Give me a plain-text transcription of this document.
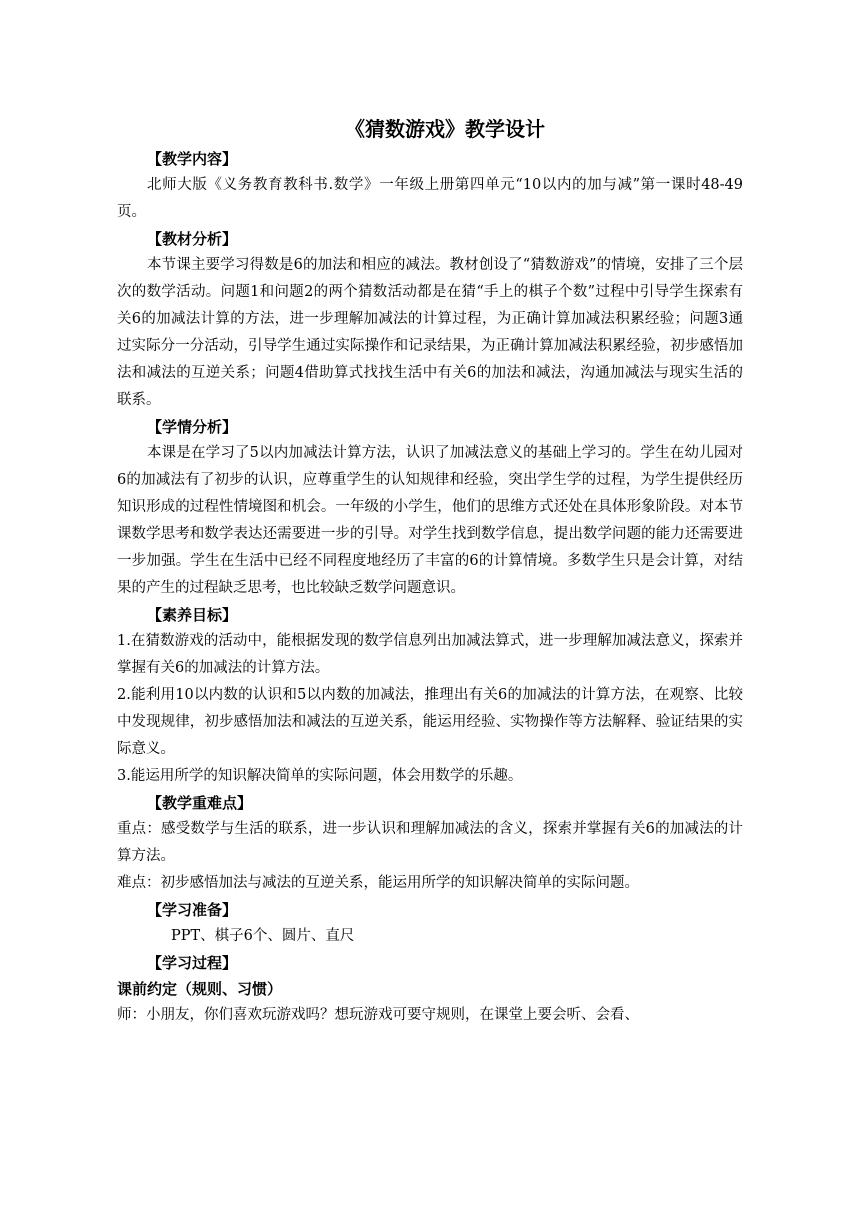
《猜数游戏》教学设计
【教学内容】

北师大版《义务教育教科书.数学》一年级上册第四单元“10以内的加与减”第一课时48-49页。

【教材分析】

本节课主要学习得数是6的加法和相应的减法。教材创设了“猜数游戏”的情境，安排了三个层次的数学活动。问题1和问题2的两个猜数活动都是在猜“手上的棋子个数”过程中引导学生探索有关6的加减法计算的方法，进一步理解加减法的计算过程，为正确计算加减法积累经验；问题3通过实际分一分活动，引导学生通过实际操作和记录结果，为正确计算加减法积累经验，初步感悟加法和减法的互逆关系；问题4借助算式找找生活中有关6的加法和减法，沟通加减法与现实生活的联系。

【学情分析】

本课是在学习了5以内加减法计算方法，认识了加减法意义的基础上学习的。学生在幼儿园对6的加减法有了初步的认识，应尊重学生的认知规律和经验，突出学生学的过程，为学生提供经历知识形成的过程性情境图和机会。一年级的小学生，他们的思维方式还处在具体形象阶段。对本节课数学思考和数学表达还需要进一步的引导。对学生找到数学信息，提出数学问题的能力还需要进一步加强。学生在生活中已经不同程度地经历了丰富的6的计算情境。多数学生只是会计算，对结果的产生的过程缺乏思考，也比较缺乏数学问题意识。

【素养目标】

1.在猜数游戏的活动中，能根据发现的数学信息列出加减法算式，进一步理解加减法意义，探索并掌握有关6的加减法的计算方法。

2.能利用10以内数的认识和5以内数的加减法，推理出有关6的加减法的计算方法，在观察、比较中发现规律，初步感悟加法和减法的互逆关系，能运用经验、实物操作等方法解释、验证结果的实际意义。

3.能运用所学的知识解决简单的实际问题，体会用数学的乐趣。

【教学重难点】

重点：感受数学与生活的联系，进一步认识和理解加减法的含义，探索并掌握有关6的加减法的计算方法。

难点：初步感悟加法与减法的互逆关系，能运用所学的知识解决简单的实际问题。

【学习准备】

PPT、棋子6个、圆片、直尺

【学习过程】
课前约定（规则、习惯）

师：小朋友，你们喜欢玩游戏吗？想玩游戏可要守规则，在课堂上要会听、会看、
